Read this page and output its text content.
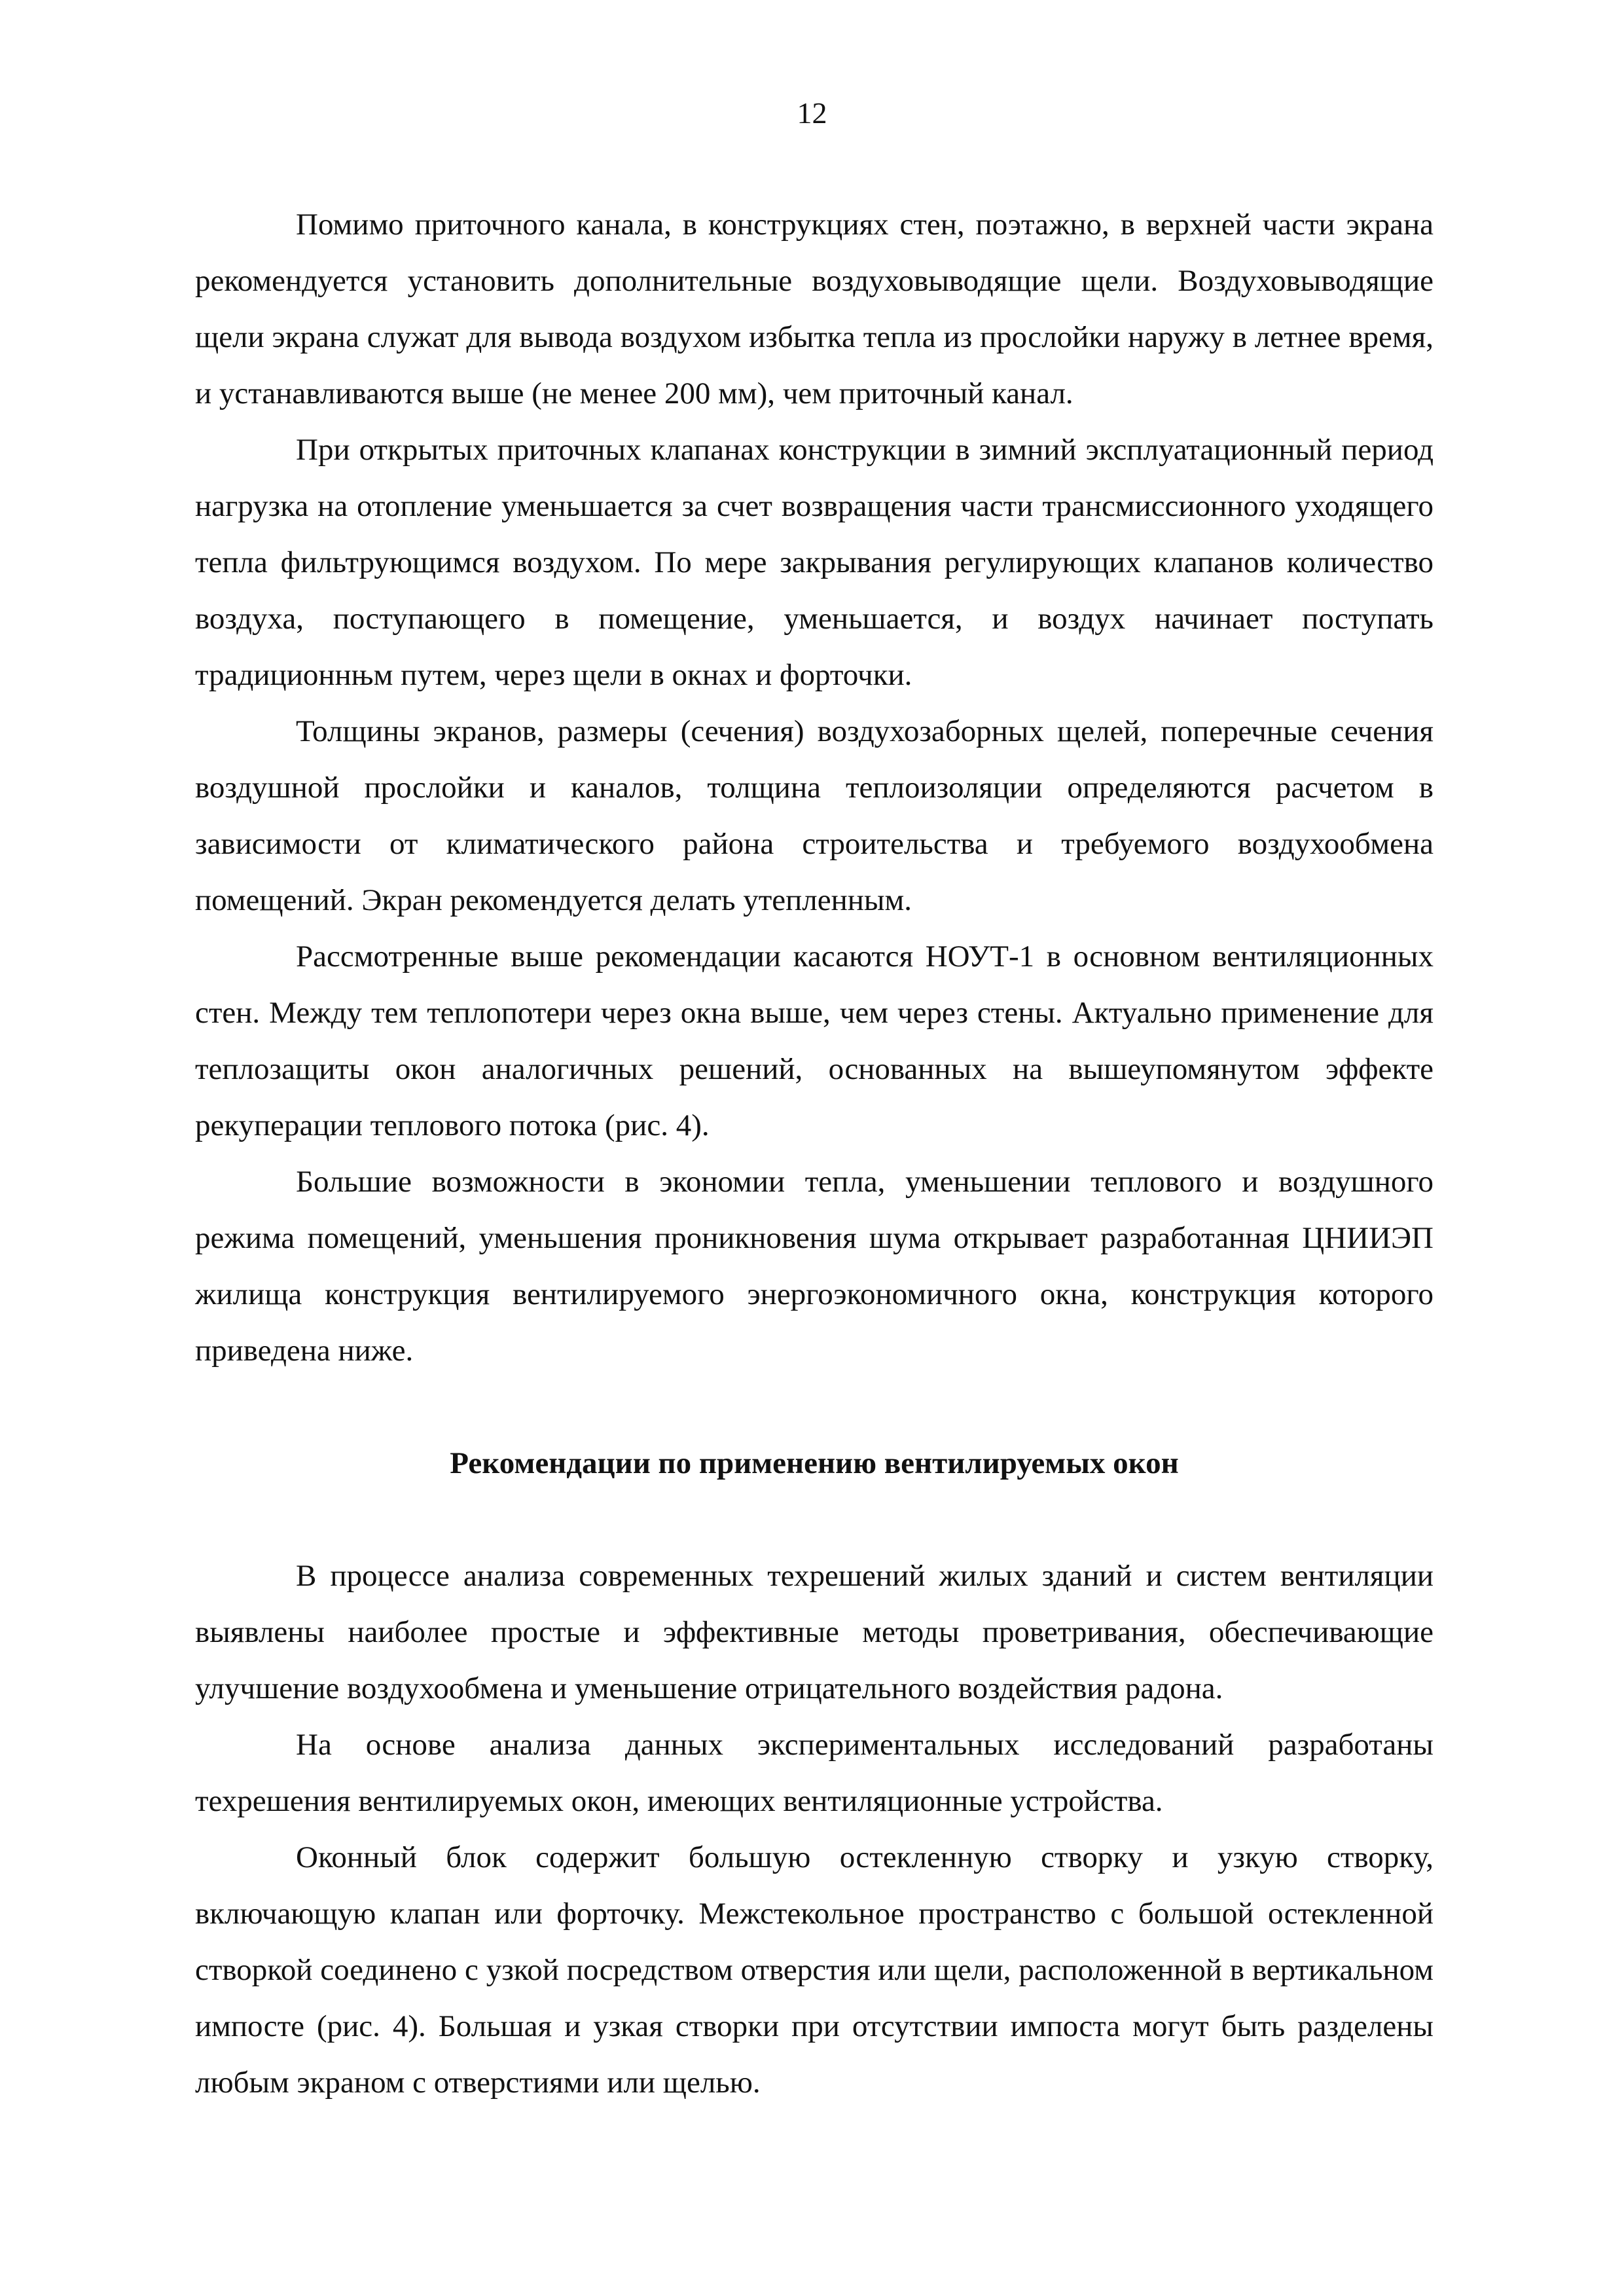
12

Помимо приточного канала, в конструкциях стен, поэтажно, в верхней части экрана рекомендуется установить дополнительные воздуховыводящие щели. Воздуховыводящие щели экрана служат для вывода воздухом избытка тепла из прослойки наружу в летнее время, и устанавливаются выше (не менее 200 мм), чем приточный канал.

При открытых приточных клапанах конструкции в зимний эксплуатационный период нагрузка на отопление уменьшается за счет возвращения части трансмиссионного уходящего тепла фильтрующимся воздухом. По мере закрывания регулирующих клапанов количество воздуха, поступающего в помещение, уменьшается, и воздух начинает поступать традиционнњм путем, через щели в окнах и форточки.

Толщины экранов, размеры (сечения) воздухозаборных щелей, поперечные сечения воздушной прослойки и каналов, толщина теплоизоляции определяются расчетом в зависимости от климатического района строительства и требуемого воздухообмена помещений. Экран рекомендуется делать утепленным.

Рассмотренные выше рекомендации касаются НОУТ-1 в основном вентиляционных стен. Между тем теплопотери через окна выше, чем через стены. Актуально применение для теплозащиты окон аналогичных решений, основанных на вышеупомянутом эффекте рекуперации теплового потока (рис. 4).

Большие возможности в экономии тепла, уменьшении теплового и воздушного режима помещений, уменьшения проникновения шума открывает разработанная ЦНИИЭП жилища конструкция вентилируемого энергоэкономичного окна, конструкция которого приведена ниже.

Рекомендации по применению вентилируемых окон

В процессе анализа современных техрешений жилых зданий и систем вентиляции выявлены наиболее простые и эффективные методы проветривания, обеспечивающие улучшение воздухообмена и уменьшение отрицательного воздействия радона.

На основе анализа данных экспериментальных исследований разработаны техрешения вентилируемых окон, имеющих вентиляционные устройства.

Оконный блок содержит большую остекленную створку и узкую створку, включающую клапан или форточку. Межстекольное пространство с большой остекленной створкой соединено с узкой посредством отверстия или щели, расположенной в вертикальном импосте (рис. 4). Большая и узкая створки при отсутствии импоста могут быть разделены любым экраном с отверстиями или щелью.
